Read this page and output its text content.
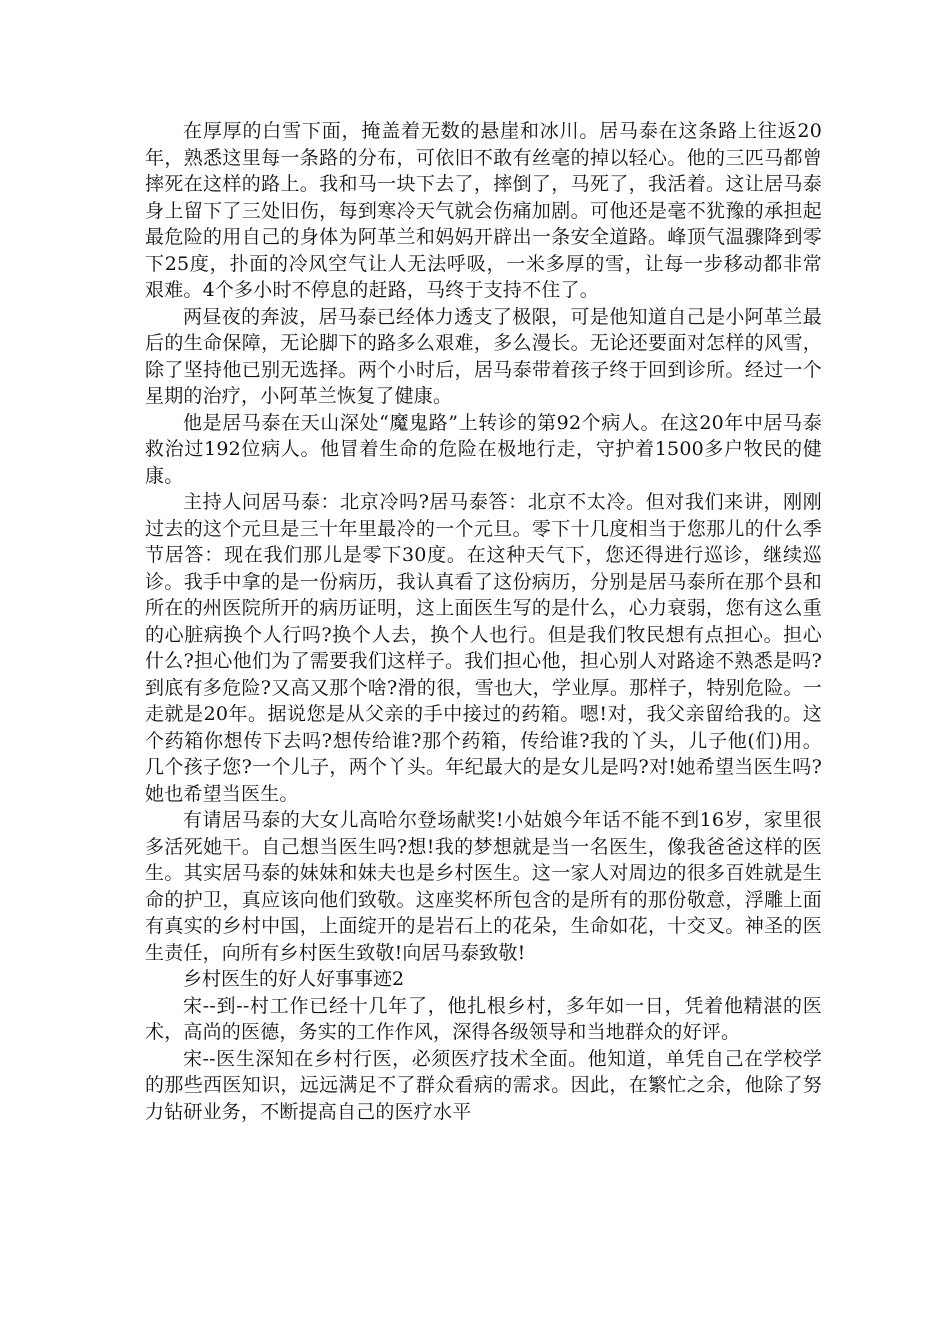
在厚厚的白雪下面，掩盖着无数的悬崖和冰川。居马泰在这条路上往返20年，熟悉这里每一条路的分布，可依旧不敢有丝毫的掉以轻心。他的三匹马都曾摔死在这样的路上。我和马一块下去了，摔倒了，马死了，我活着。这让居马泰身上留下了三处旧伤，每到寒冷天气就会伤痛加剧。可他还是毫不犹豫的承担起最危险的用自己的身体为阿革兰和妈妈开辟出一条安全道路。峰顶气温骤降到零下25度，扑面的冷风空气让人无法呼吸，一米多厚的雪，让每一步移动都非常艰难。4个多小时不停息的赶路，马终于支持不住了。

两昼夜的奔波，居马泰已经体力透支了极限，可是他知道自己是小阿革兰最后的生命保障，无论脚下的路多么艰难，多么漫长。无论还要面对怎样的风雪，除了坚持他已别无选择。两个小时后，居马泰带着孩子终于回到诊所。经过一个星期的治疗，小阿革兰恢复了健康。

他是居马泰在天山深处“魔鬼路”上转诊的第92个病人。在这20年中居马泰救治过192位病人。他冒着生命的危险在极地行走，守护着1500多户牧民的健康。

主持人问居马泰：北京冷吗?居马泰答：北京不太冷。但对我们来讲，刚刚过去的这个元旦是三十年里最冷的一个元旦。零下十几度相当于您那儿的什么季节居答：现在我们那儿是零下30度。在这种天气下，您还得进行巡诊，继续巡诊。我手中拿的是一份病历，我认真看了这份病历，分别是居马泰所在那个县和所在的州医院所开的病历证明，这上面医生写的是什么，心力衰弱，您有这么重的心脏病换个人行吗?换个人去，换个人也行。但是我们牧民想有点担心。担心什么?担心他们为了需要我们这样子。我们担心他，担心别人对路途不熟悉是吗?到底有多危险?又高又那个啥?滑的很，雪也大，学业厚。那样子，特别危险。一走就是20年。据说您是从父亲的手中接过的药箱。嗯!对，我父亲留给我的。这个药箱你想传下去吗?想传给谁?那个药箱，传给谁?我的丫头，儿子他(们)用。几个孩子您?一个儿子，两个丫头。年纪最大的是女儿是吗?对!她希望当医生吗?她也希望当医生。

有请居马泰的大女儿高哈尔登场献奖!小姑娘今年话不能不到16岁，家里很多活死她干。自己想当医生吗?想!我的梦想就是当一名医生，像我爸爸这样的医生。其实居马泰的妹妹和妹夫也是乡村医生。这一家人对周边的很多百姓就是生命的护卫，真应该向他们致敬。这座奖杯所包含的是所有的那份敬意，浮雕上面有真实的乡村中国，上面绽开的是岩石上的花朵，生命如花，十交叉。神圣的医生责任，向所有乡村医生致敬!向居马泰致敬!

乡村医生的好人好事事迹2

宋--到--村工作已经十几年了，他扎根乡村，多年如一日，凭着他精湛的医术，高尚的医德，务实的工作作风，深得各级领导和当地群众的好评。

宋--医生深知在乡村行医，必须医疗技术全面。他知道，单凭自己在学校学的那些西医知识，远远满足不了群众看病的需求。因此，在繁忙之余，他除了努力钻研业务，不断提高自己的医疗水平
